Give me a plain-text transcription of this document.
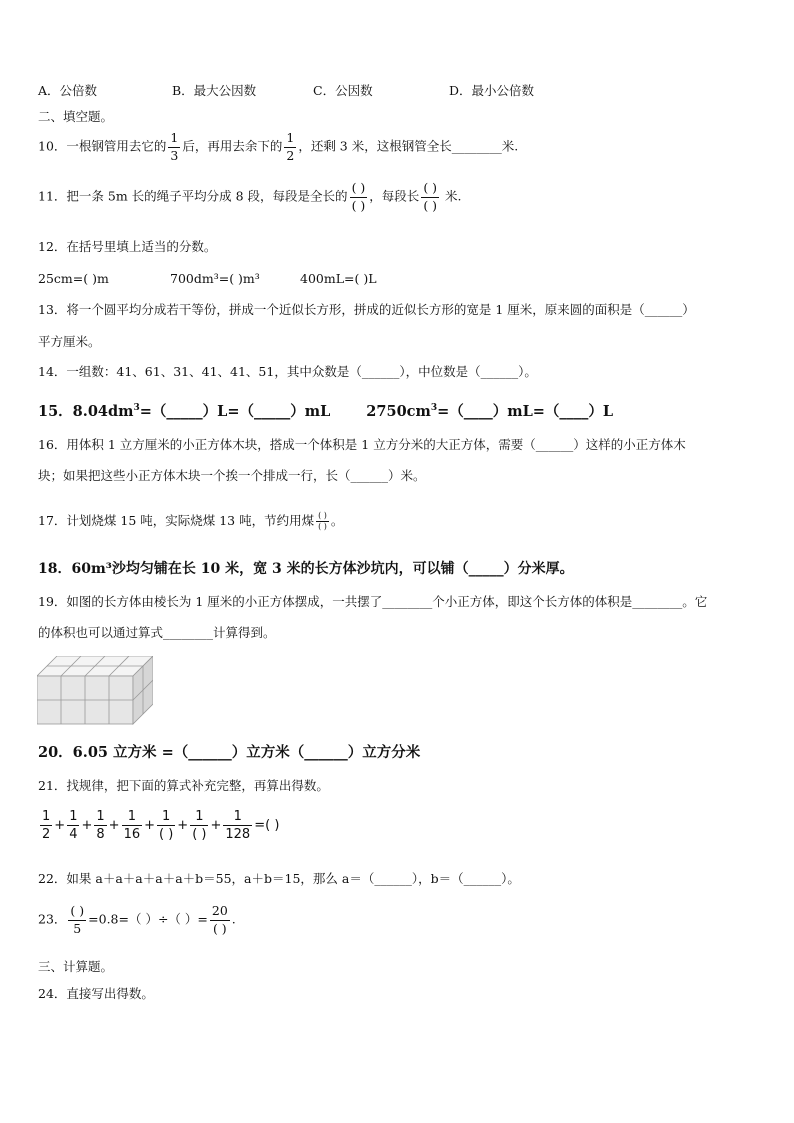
A．公倍数	B．最大公因数	C．公因数	D．最小公倍数
二、填空题。
10．一根钢管用去它的 $\frac{1}{3}$ 后，再用去余下的 $\frac{1}{2}$ ，还剩 3 米，这根钢管全长________米.
11．把一条 5m 长的绳子平均分成 8 段，每段是全长的 $\frac{( )}{( )}$ ，每段长 $\frac{( )}{( )}$ 米.
12．在括号里填上适当的分数。
25cm=( )m	700dm³=( )m³	400mL=( )L
13．将一个圆平均分成若干等份，拼成一个近似长方形，拼成的近似长方形的宽是 1 厘米，原来圆的面积是（______）
平方厘米。
14．一组数：41、61、31、41、41、51，其中众数是（______），中位数是（______）。
15．$8.04dm^3=(\_\_\_\_\_)L=(\_\_\_\_\_)mL$ $2750cm^3=(\_\_\_\_)mL=(\_\_\_\_)L$
16．用体积 1 立方厘米的小正方体木块，搭成一个体积是 1 立方分米的大正方体，需要（______）这样的小正方体木
块；如果把这些小正方体木块一个挨一个排成一行，长（______）米。
17．计划烧煤 15 吨，实际烧煤 13 吨，节约用煤 $\frac{( )}{( )}$ 。
18．60m³沙均匀铺在长 10 米，宽 3 米的长方体沙坑内，可以铺（_____）分米厚。
19．如图的长方体由棱长为 1 厘米的小正方体摆成，一共摆了________个小正方体，即这个长方体的体积是________。它
的体积也可以通过算式________计算得到。
20．6.05 立方米 =（______）立方米（______）立方分米
21．找规律，把下面的算式补充完整，再算出得数。
$\frac{1}{2} + \frac{1}{4} + \frac{1}{8} + \frac{1}{16} + \frac{1}{( )} + \frac{1}{( )} + \frac{1}{128}$ =( )
22．如果 a＋a＋a＋a＋a＋b＝55，a＋b＝15，那么 a＝（______），b＝（______）。
23． $\frac{( )}{5} =0.8=$（ ）÷（ ）= $\frac{20}{( )}$ .
三、计算题。
24．直接写出得数。
